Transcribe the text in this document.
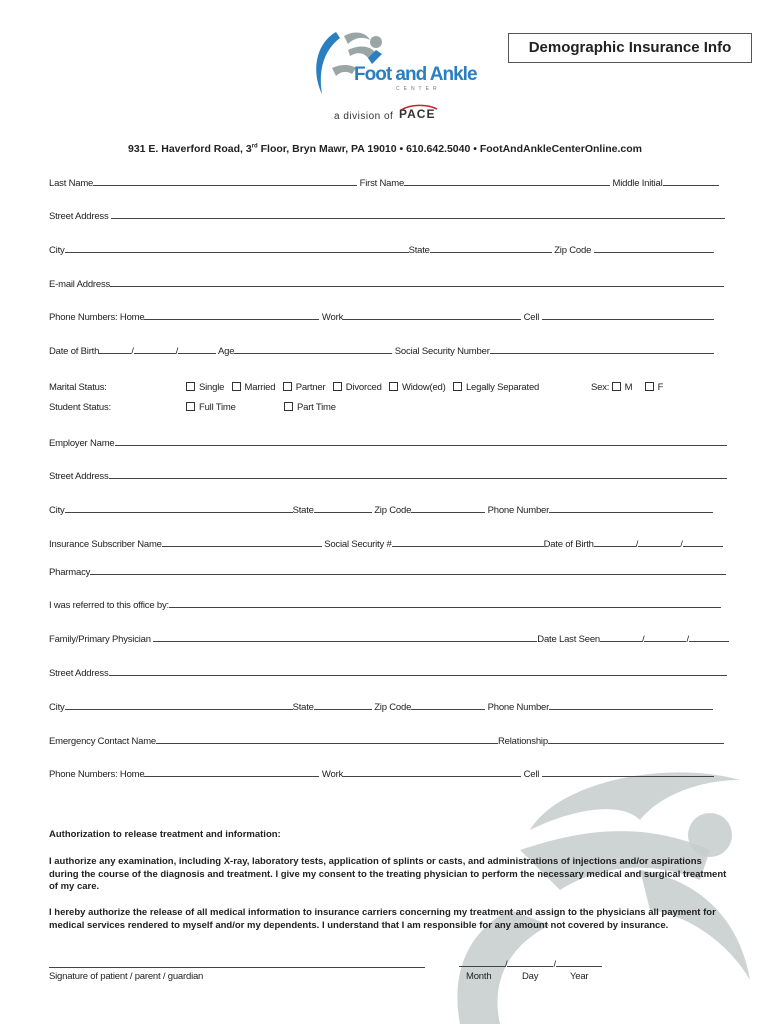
Foot and Ankle
CENTER
a division of PACE
Demographic Insurance Info
931 E. Haverford Road, 3rd Floor, Bryn Mawr, PA 19010 • 610.642.5040 • FootAndAnkleCenterOnline.com
Last Name	First Name	Middle Initial
Street Address
City	State	Zip Code
E-mail Address
Phone Numbers: Home	Work	Cell
Date of Birth	/	/	Age	Social Security Number
Marital Status:	Single Married Partner Divorced Widow(ed) Legally Separated	Sex: M	F
Student Status:	Full Time	Part Time
Employer Name
Street Address
City	State	Zip Code	Phone Number
Insurance Subscriber Name	Social Security #	Date of Birth	/	/
Pharmacy
I was referred to this office by:
Family/Primary Physician	Date Last Seen	/	/
Street Address
City	State	Zip Code	Phone Number
Emergency Contact Name	Relationship
Phone Numbers: Home	Work	Cell
Authorization to release treatment and information:
I authorize any examination, including X-ray, laboratory tests, application of splints or casts, and administrations of injections and/or aspirations during the course of the diagnosis and treatment. I give my consent to the treating physician to perform the necessary medical and surgical treatment of my care.
I hereby authorize the release of all medical information to insurance carriers concerning my treatment and assign to the physicians all payment for medical services rendered to myself and/or my dependents. I understand that I am responsible for any amount not covered by insurance.
Signature of patient / parent / guardian
/	/
Month	Day	Year
